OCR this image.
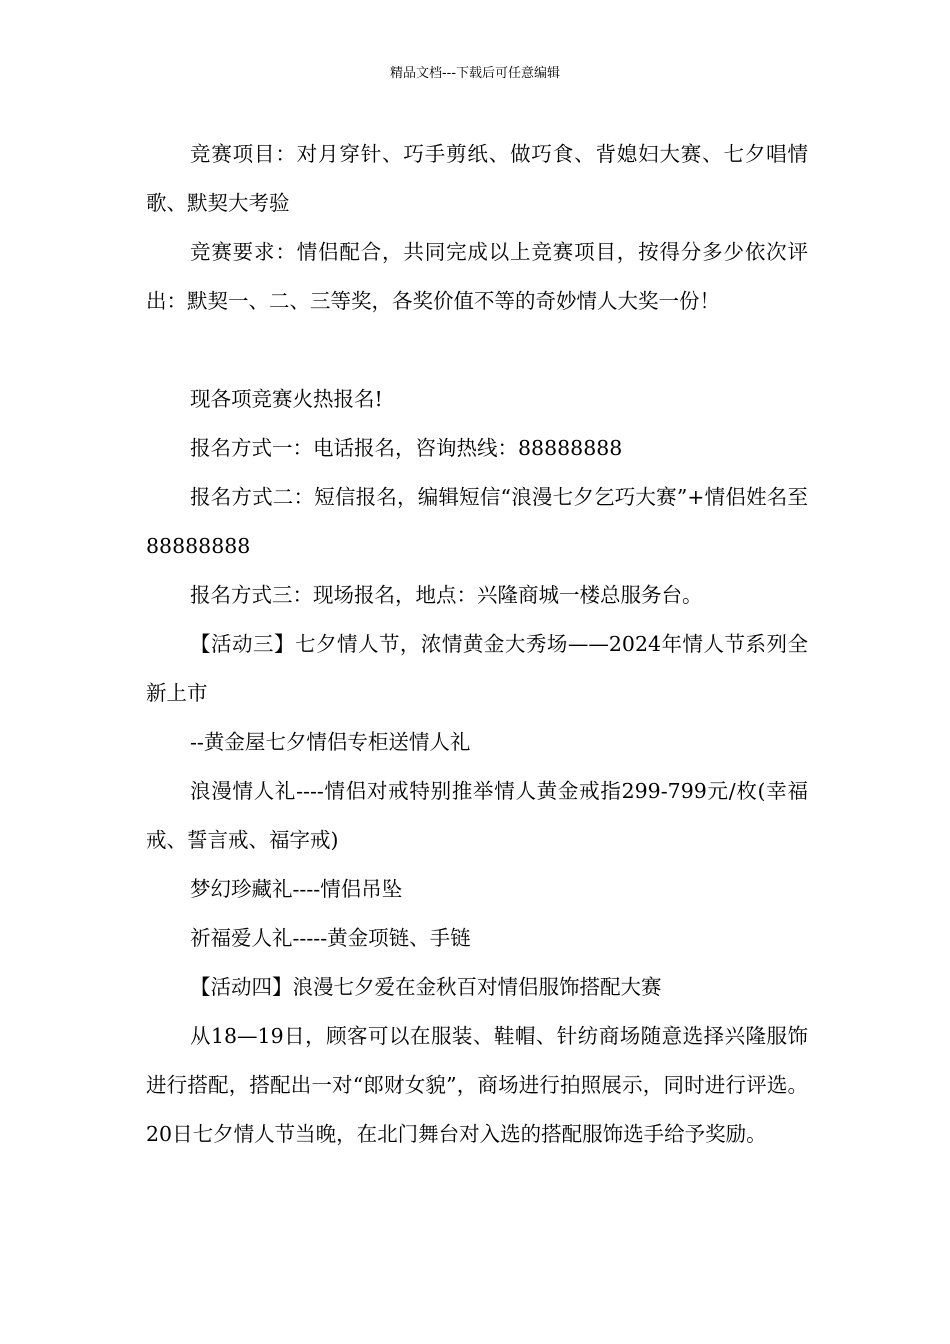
精品文档---下载后可任意编辑

竞赛项目：对月穿针、巧手剪纸、做巧食、背媳妇大赛、七夕唱情歌、默契大考验

竞赛要求：情侣配合，共同完成以上竞赛项目，按得分多少依次评出：默契一、二、三等奖，各奖价值不等的奇妙情人大奖一份！

现各项竞赛火热报名!

报名方式一：电话报名，咨询热线：88888888

报名方式二：短信报名，编辑短信“浪漫七夕乞巧大赛”+情侣姓名至88888888

报名方式三：现场报名，地点：兴隆商城一楼总服务台。

【活动三】七夕情人节，浓情黄金大秀场——2024年情人节系列全新上市

--黄金屋七夕情侣专柜送情人礼

浪漫情人礼----情侣对戒特别推举情人黄金戒指299-799元/枚(幸福戒、誓言戒、福字戒)

梦幻珍藏礼----情侣吊坠

祈福爱人礼-----黄金项链、手链

【活动四】浪漫七夕爱在金秋百对情侣服饰搭配大赛

从18—19日，顾客可以在服装、鞋帽、针纺商场随意选择兴隆服饰进行搭配，搭配出一对“郎财女貌”，商场进行拍照展示，同时进行评选。20日七夕情人节当晚，在北门舞台对入选的搭配服饰选手给予奖励。
